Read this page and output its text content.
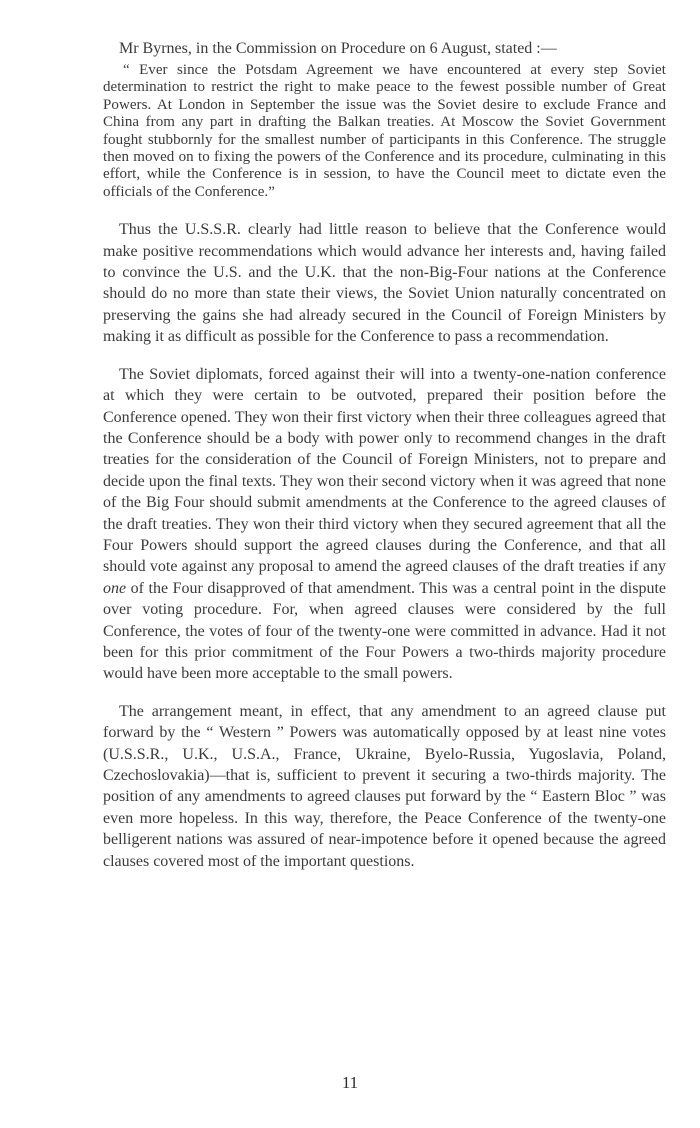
Mr Byrnes, in the Commission on Procedure on 6 August, stated :—

“ Ever since the Potsdam Agreement we have encountered at every step Soviet determination to restrict the right to make peace to the fewest possible number of Great Powers. At London in September the issue was the Soviet desire to exclude France and China from any part in drafting the Balkan treaties. At Moscow the Soviet Government fought stubbornly for the smallest number of participants in this Conference. The struggle then moved on to fixing the powers of the Conference and its procedure, culminating in this effort, while the Conference is in session, to have the Council meet to dictate even the officials of the Conference.”

Thus the U.S.S.R. clearly had little reason to believe that the Conference would make positive recommendations which would advance her interests and, having failed to convince the U.S. and the U.K. that the non-Big-Four nations at the Conference should do no more than state their views, the Soviet Union naturally concentrated on preserving the gains she had already secured in the Council of Foreign Ministers by making it as difficult as possible for the Conference to pass a recommendation.

The Soviet diplomats, forced against their will into a twenty-one-nation conference at which they were certain to be outvoted, prepared their position before the Conference opened. They won their first victory when their three colleagues agreed that the Conference should be a body with power only to recommend changes in the draft treaties for the consideration of the Council of Foreign Ministers, not to prepare and decide upon the final texts. They won their second victory when it was agreed that none of the Big Four should submit amendments at the Conference to the agreed clauses of the draft treaties. They won their third victory when they secured agreement that all the Four Powers should support the agreed clauses during the Conference, and that all should vote against any proposal to amend the agreed clauses of the draft treaties if any one of the Four disapproved of that amendment. This was a central point in the dispute over voting procedure. For, when agreed clauses were considered by the full Conference, the votes of four of the twenty-one were committed in advance. Had it not been for this prior commitment of the Four Powers a two-thirds majority procedure would have been more acceptable to the small powers.

The arrangement meant, in effect, that any amendment to an agreed clause put forward by the “ Western ” Powers was automatically opposed by at least nine votes (U.S.S.R., U.K., U.S.A., France, Ukraine, Byelo-Russia, Yugoslavia, Poland, Czechoslovakia)—that is, sufficient to prevent it securing a two-thirds majority. The position of any amendments to agreed clauses put forward by the “ Eastern Bloc ” was even more hopeless. In this way, therefore, the Peace Conference of the twenty-one belligerent nations was assured of near-impotence before it opened because the agreed clauses covered most of the important questions.

11
